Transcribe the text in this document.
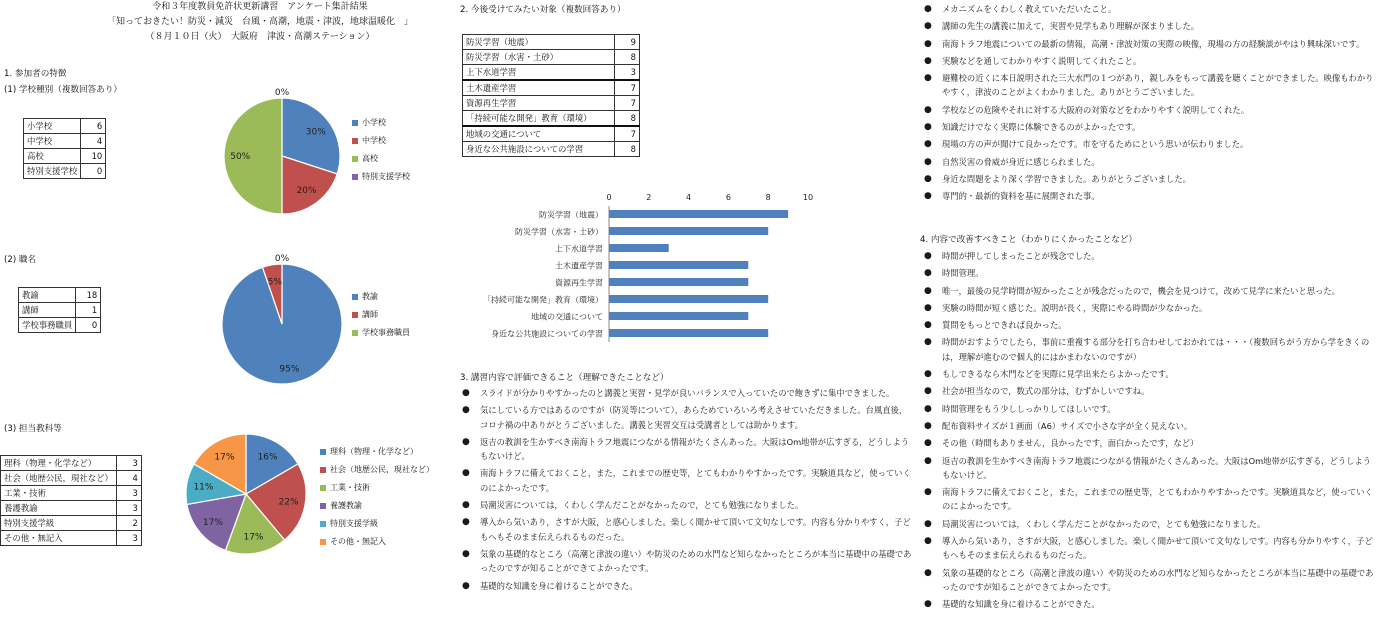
令和３年度教員免許状更新講習　アンケート集計結果
「知っておきたい！防災・減災　台風・高潮，地震・津波，地球温暖化　」
（８月１０日（火）　大阪府　津波・高潮ステーション）
1. 参加者の特徴
(1) 学校種別（複数回答あり）
小学校	6
中学校	4
高校	10
特別支援学校	0
30%
20%
50%
0%
小学校
中学校
高校
特別支援学校
(2) 職名
教諭	18
講師	1
学校事務職員	0
95%
5%
0%
教諭
講師
学校事務職員
(3) 担当教科等
理科（物理・化学など）	3
社会（地歴公民，現社など）	4
工業・技術	3
養護教諭	3
特別支援学級	2
その他・無記入	3
16%
22%
17%
17%
11%
17%
理科（物理・化学など）
社会（地歴公民，現社など）
工業・技術
養護教諭
特別支援学級
その他・無記入
2. 今後受けてみたい対象（複数回答あり）
防災学習（地震）	9
防災学習（水害・土砂）	8
上下水道学習	3
土木遺産学習	7
資源再生学習	7
「持続可能な開発」教育（環境）	8
地域の交通について	7
身近な公共施設についての学習	8
0	2	4	6	8	10
防災学習（地震）
防災学習（水害・土砂）
上下水道学習
土木遺産学習
資源再生学習
「持続可能な開発」教育（環境）
地域の交通について
身近な公共施設についての学習
3. 講習内容で評価できること（理解できたことなど）
● スライドが分かりやすかったのと講義と実習・見学が良いバランスで入っていたので飽きずに集中できました。
● 気にしている方ではあるのですが（防災等について），あらためていろいろ考えさせていただきました。台風直後，コロナ禍の中ありがとうございました。講義と実習交互は受講者としては助かります。
● 返吉の教訓を生かすべき南海トラフ地震につながる情報がたくさんあった。大阪はOm地帯が広すぎる，どうしようもないけど。
● 南海トラフに備えておくこと，また，これまでの歴史等，とてもわかりやすかったです。実験道具など，使っていくのによかったです。
● 局潮災害については，くわしく学んだことがなかったので，とても勉強になりました。
● 導入から気いあり，さすが大阪，と感心しました。楽しく聞かせて頂いて文句なしです。内容も分かりやすく，子どもへもそのまま伝えられるものだった。
● 気象の基礎的なところ（高潮と津波の違い）や防災のための水門など知らなかったところが本当に基礎中の基礎であったのですが知ることができてよかったです。
● 基礎的な知識を身に着けることができた。
● メカニズムをくわしく教えていただいたこと。
● 講師の先生の講義に加えて，実習や見学もあり理解が深まりました。
● 南海トラフ地震についての最新の情報，高潮・津波対策の実際の映像，現場の方の経験談がやはり興味深いです。
● 実験などを通してわかりやすく説明してくれたこと。
● 避難校の近くに本日説明された三大水門の１つがあり，親しみをもって講義を聴くことができました。映像もわかりやすく，津波のことがよくわかりました。ありがとうございました。
● 学校などの危険やそれに対する大阪府の対策などをわかりやすく説明してくれた。
● 知識だけでなく実際に体験できるのがよかったです。
● 現場の方の声が聞けて良かったです。市を守るためにという思いが伝わりました。
● 自然災害の脅威が身近に感じられました。
● 身近な問題をより深く学習できました。ありがとうございました。
● 専門的・最新的資料を基に展開された事。
4. 内容で改善すべきこと（わかりにくかったことなど）
● 時間が押してしまったことが残念でした。
● 時間管理。
● 唯一，最後の見学時間が短かったことが残念だったので，機会を見つけて，改めて見学に来たいと思った。
● 実験の時間が短く感じた。説明が長く，実際にやる時間が少なかった。
● 質問をもっとできれば良かった。
● 時間がおすようでしたら，事前に重複する部分を打ち合わせしておかれては・・・（複数回ちがう方から学をきくのは，理解が進むので個人的にはかまわないのですが）
● もしできるなら木門などを実際に見学出来たらよかったです。
● 社会が担当なので，数式の部分は，むずかしいですね。
● 時間管理をもう少ししっかりしてほしいです。
● 配布資料サイズが１画面（A6）サイズで小さな字が全く見えない。
● その他（時間もありません，良かったです，面白かったです，など）
● 返吉の教訓を生かすべき南海トラフ地震につながる情報がたくさんあった。大阪はOm地帯が広すぎる，どうしようもないけど。
● 南海トラフに備えておくこと，また，これまでの歴史等，とてもわかりやすかったです。実験道具など，使っていくのによかったです。
● 局潮災害については，くわしく学んだことがなかったので，とても勉強になりました。
● 導入から気いあり，さすが大阪，と感心しました。楽しく聞かせて頂いて文句なしです。内容も分かりやすく，子どもへもそのまま伝えられるものだった。
● 気象の基礎的なところ（高潮と津波の違い）や防災のための水門など知らなかったところが本当に基礎中の基礎であったのですが知ることができてよかったです。
● 基礎的な知識を身に着けることができた。
